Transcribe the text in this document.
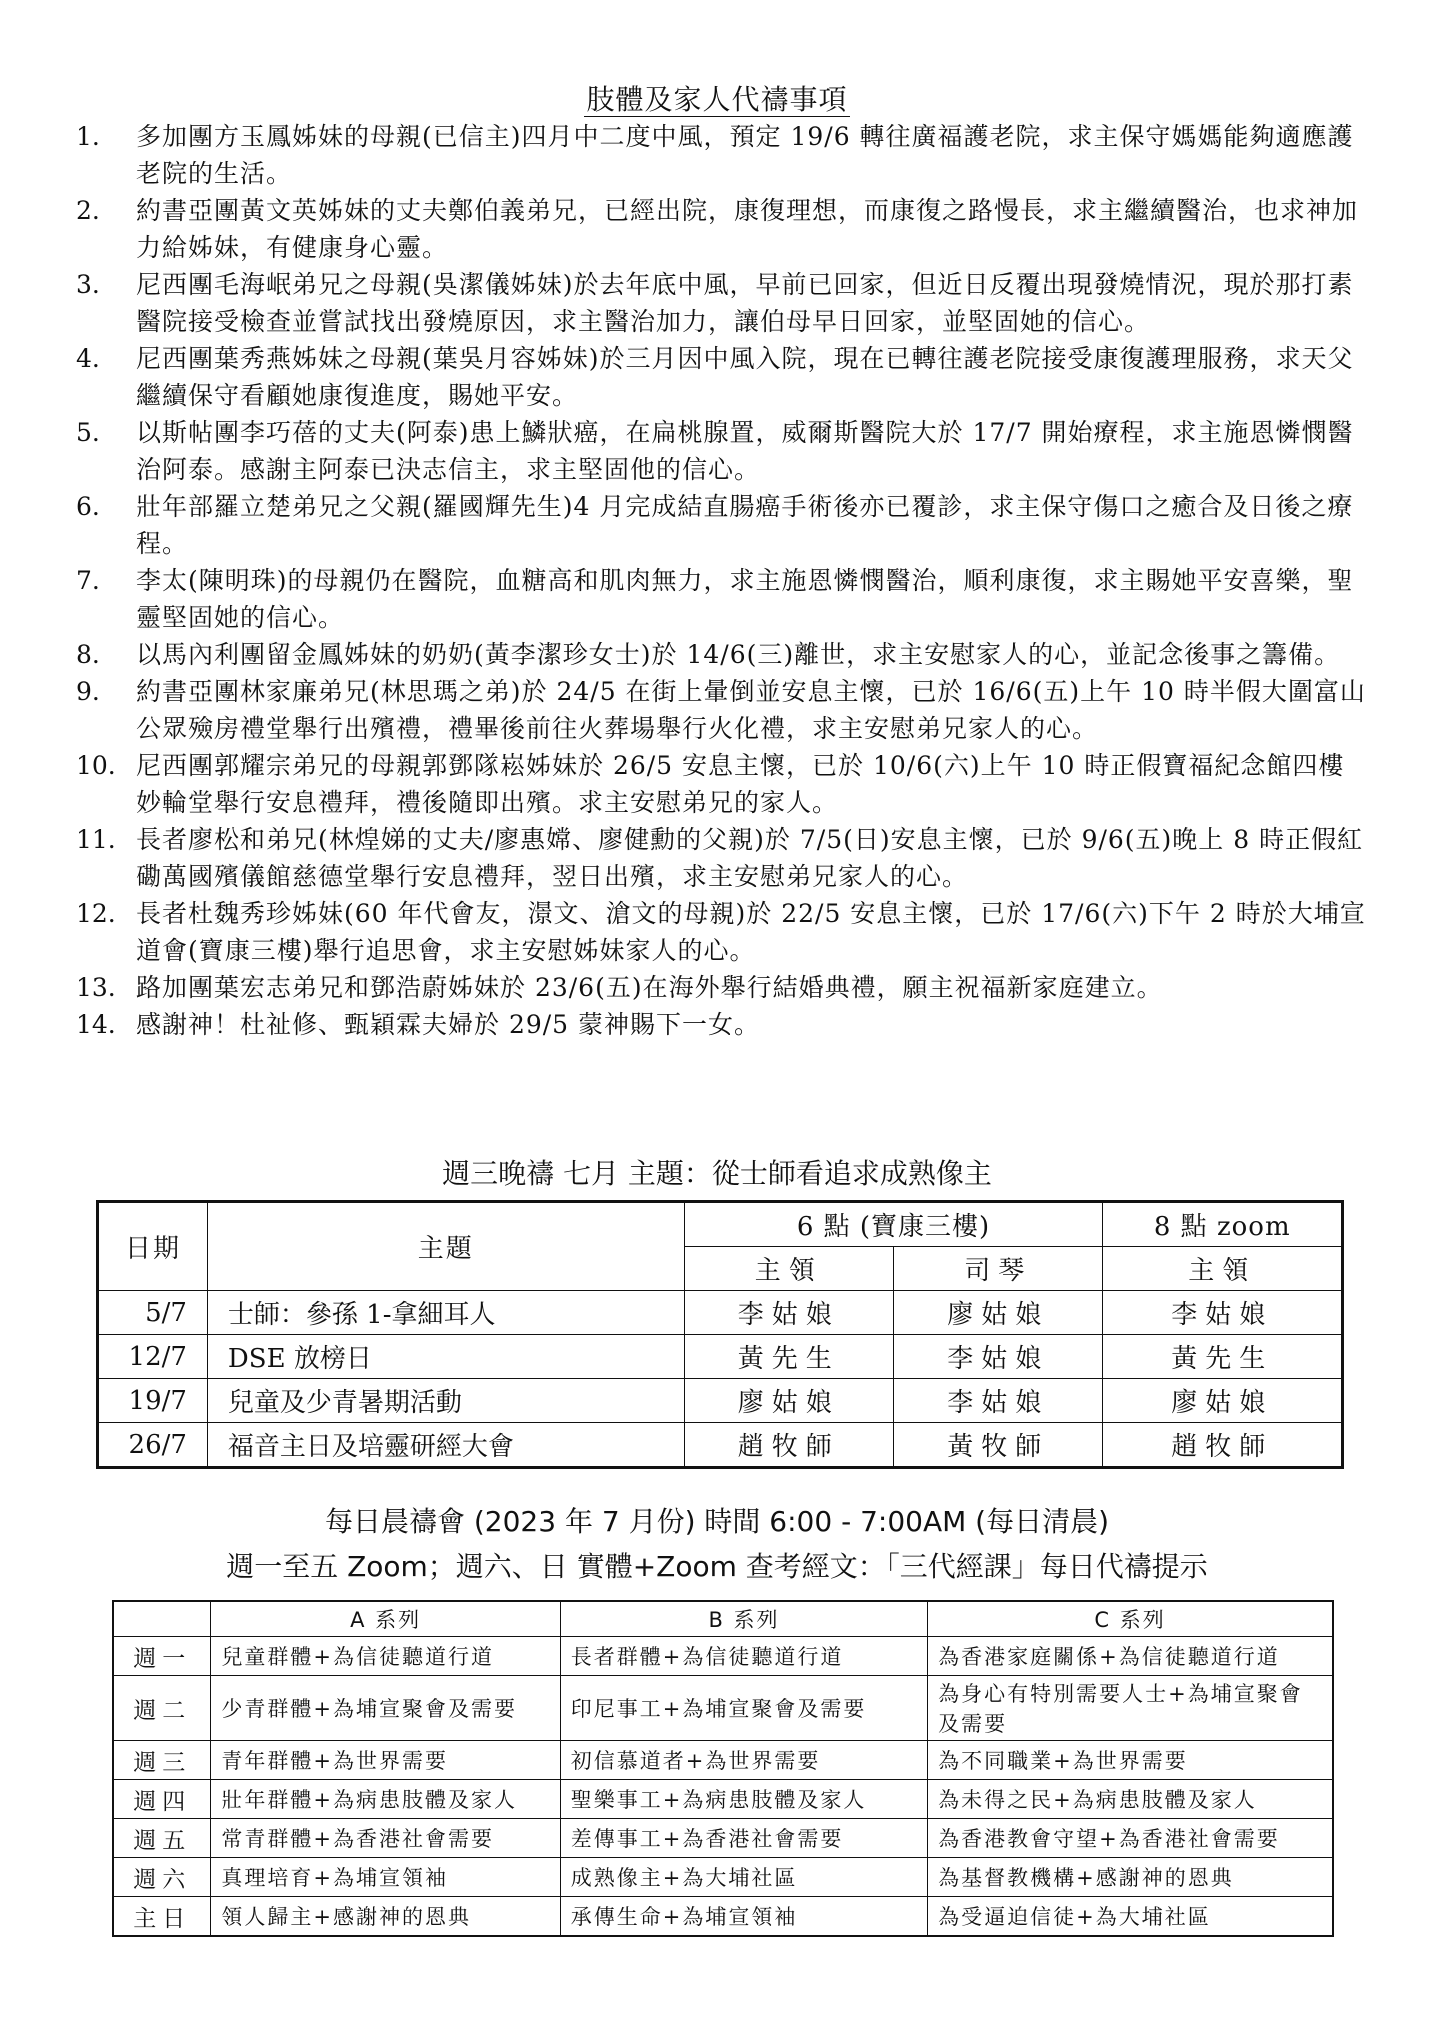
肢體及家人代禱事項
1.	多加團方玉鳳姊妹的母親(已信主)四月中二度中風，預定 19/6 轉往廣福護老院，求主保守媽媽能夠適應護老院的生活。
2.	約書亞團黃文英姊妹的丈夫鄭伯義弟兄，已經出院，康復理想，而康復之路慢長，求主繼續醫治，也求神加力給姊妹，有健康身心靈。
3.	尼西團毛海岷弟兄之母親(吳潔儀姊妹)於去年底中風，早前已回家，但近日反覆出現發燒情況，現於那打素醫院接受檢查並嘗試找出發燒原因，求主醫治加力，讓伯母早日回家，並堅固她的信心。
4.	尼西團葉秀燕姊妹之母親(葉吳月容姊妹)於三月因中風入院，現在已轉往護老院接受康復護理服務，求天父繼續保守看顧她康復進度，賜她平安。
5.	以斯帖團李巧蓓的丈夫(阿泰)患上鱗狀癌，在扁桃腺置，威爾斯醫院大於 17/7 開始療程，求主施恩憐憫醫治阿泰。感謝主阿泰已決志信主，求主堅固他的信心。
6.	壯年部羅立楚弟兄之父親(羅國輝先生)4 月完成結直腸癌手術後亦已覆診，求主保守傷口之癒合及日後之療程。
7.	李太(陳明珠)的母親仍在醫院，血糖高和肌肉無力，求主施恩憐憫醫治，順利康復，求主賜她平安喜樂，聖靈堅固她的信心。
8.	以馬內利團留金鳳姊妹的奶奶(黃李潔珍女士)於 14/6(三)離世，求主安慰家人的心，並記念後事之籌備。
9.	約書亞團林家廉弟兄(林思瑪之弟)於 24/5 在街上暈倒並安息主懷，已於 16/6(五)上午 10 時半假大圍富山公眾殮房禮堂舉行出殯禮，禮畢後前往火葬場舉行火化禮，求主安慰弟兄家人的心。
10. 尼西團郭耀宗弟兄的母親郭鄧隊崧姊妹於 26/5 安息主懷，已於 10/6(六)上午 10 時正假寶福紀念館四樓妙輪堂舉行安息禮拜，禮後隨即出殯。求主安慰弟兄的家人。
11. 長者廖松和弟兄(林煌娣的丈夫/廖惠嫦、廖健勳的父親)於 7/5(日)安息主懷，已於 9/6(五)晚上 8 時正假紅磡萬國殯儀館慈德堂舉行安息禮拜，翌日出殯，求主安慰弟兄家人的心。
12. 長者杜魏秀珍姊妹(60 年代會友，澋文、滄文的母親)於 22/5 安息主懷，已於 17/6(六)下午 2 時於大埔宣道會(寶康三樓)舉行追思會，求主安慰姊妹家人的心。
13. 路加團葉宏志弟兄和鄧浩蔚姊妹於 23/6(五)在海外舉行結婚典禮，願主祝福新家庭建立。
14. 感謝神！杜祉修、甄穎霖夫婦於 29/5 蒙神賜下一女。
週三晚禱 七月 主題：從士師看追求成熟像主
日期	主題	6 點 (寶康三樓)		8 點 zoom
		主領	司琴	主領
5/7	士師：參孫 1-拿細耳人	李姑娘	廖姑娘	李姑娘
12/7	DSE 放榜日	黃先生	李姑娘	黃先生
19/7	兒童及少青暑期活動	廖姑娘	李姑娘	廖姑娘
26/7	福音主日及培靈研經大會	趙牧師	黃牧師	趙牧師
每日晨禱會 (2023 年 7 月份) 時間 6:00 - 7:00AM (每日清晨)
週一至五 Zoom；週六、日 實體+Zoom 查考經文：「三代經課」每日代禱提示
	A 系列	B 系列	C 系列
週一	兒童群體+為信徒聽道行道	長者群體+為信徒聽道行道	為香港家庭關係+為信徒聽道行道
週二	少青群體+為埔宣聚會及需要	印尼事工+為埔宣聚會及需要	為身心有特別需要人士+為埔宣聚會及需要
週三	青年群體+為世界需要	初信慕道者+為世界需要	為不同職業+為世界需要
週四	壯年群體+為病患肢體及家人	聖樂事工+為病患肢體及家人	為未得之民+為病患肢體及家人
週五	常青群體+為香港社會需要	差傳事工+為香港社會需要	為香港教會守望+為香港社會需要
週六	真理培育+為埔宣領袖	成熟像主+為大埔社區	為基督教機構+感謝神的恩典
主日	領人歸主+感謝神的恩典	承傳生命+為埔宣領袖	為受逼迫信徒+為大埔社區
